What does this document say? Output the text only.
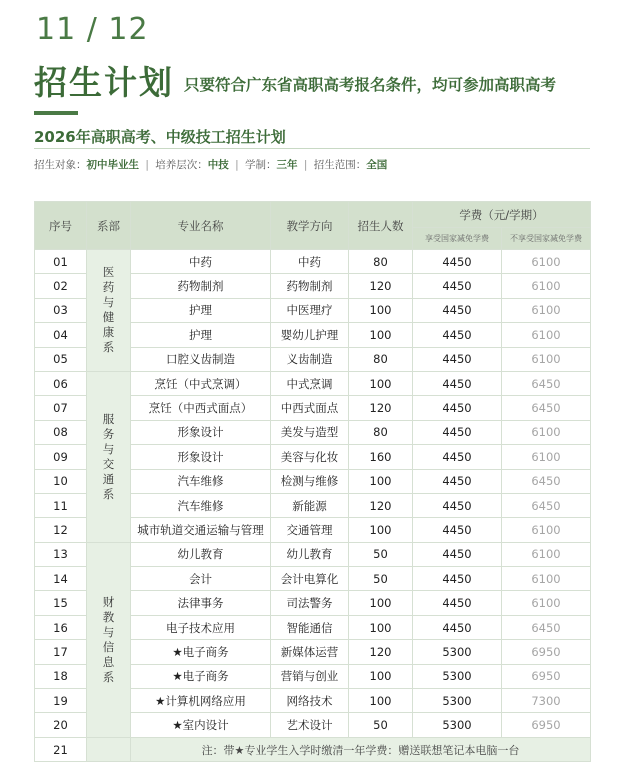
11 / 12
招生计划 只要符合广东省高职高考报名条件，均可参加高职高考
2026年高职高考、中级技工招生计划
招生对象：初中毕业生 | 培养层次：中技 | 学制：三年 | 招生范围：全国
序号	系部	专业名称	教学方向	招生人数	学费（元/学期）	
					享受国家减免学费	不享受国家减免学费
01	医药与健康系	中药	中药	80	4450	6100
02		药物制剂	药物制剂	120	4450	6100
03		护理	中医理疗	100	4450	6100
04		护理	婴幼儿护理	100	4450	6100
05		口腔义齿制造	义齿制造	80	4450	6100
06	服务与交通系	烹饪（中式烹调）	中式烹调	100	4450	6450
07		烹饪（中西式面点）	中西式面点	120	4450	6450
08		形象设计	美发与造型	80	4450	6100
09		形象设计	美容与化妆	160	4450	6100
10		汽车维修	检测与维修	100	4450	6450
11		汽车维修	新能源	120	4450	6450
12		城市轨道交通运输与管理	交通管理	100	4450	6100
13	财教与信息系	幼儿教育	幼儿教育	50	4450	6100
14		会计	会计电算化	50	4450	6100
15		法律事务	司法警务	100	4450	6100
16		电子技术应用	智能通信	100	4450	6450
17		★电子商务	新媒体运营	120	5300	6950
18		★电子商务	营销与创业	100	5300	6950
19		★计算机网络应用	网络技术	100	5300	7300
20		★室内设计	艺术设计	50	5300	6950
21		注：带★专业学生入学时缴清一年学费：赠送联想笔记本电脑一台				
